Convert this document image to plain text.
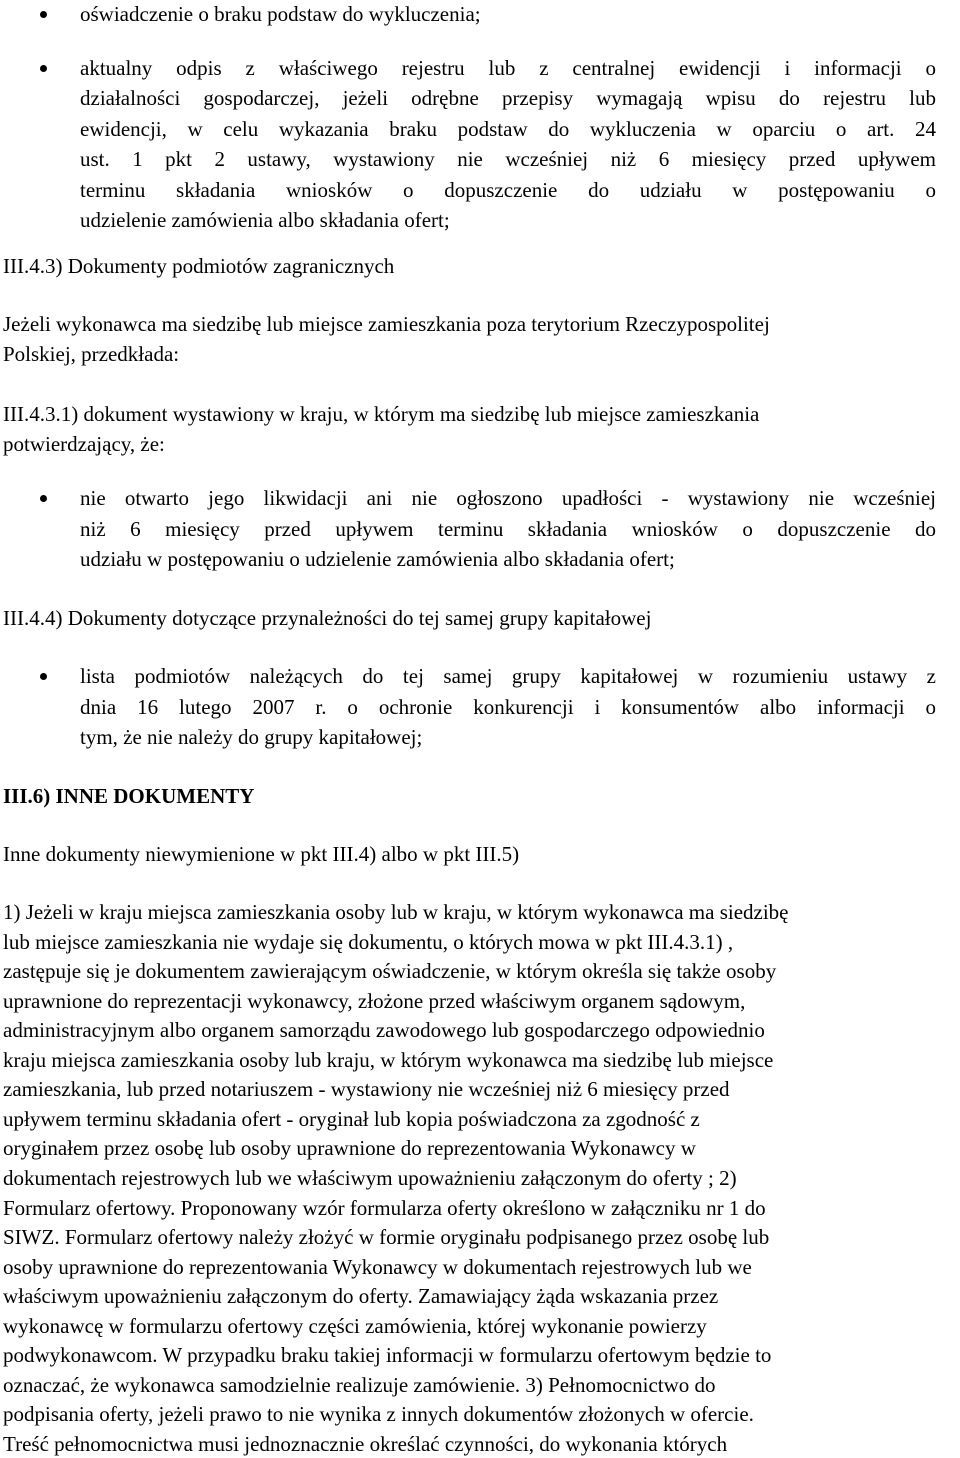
oświadczenie o braku podstaw do wykluczenia;
aktualny odpis z właściwego rejestru lub z centralnej ewidencji i informacji o
działalności gospodarczej, jeżeli odrębne przepisy wymagają wpisu do rejestru lub
ewidencji, w celu wykazania braku podstaw do wykluczenia w oparciu o art. 24
ust. 1 pkt 2 ustawy, wystawiony nie wcześniej niż 6 miesięcy przed upływem
terminu składania wniosków o dopuszczenie do udziału w postępowaniu o
udzielenie zamówienia albo składania ofert;
III.4.3) Dokumenty podmiotów zagranicznych
Jeżeli wykonawca ma siedzibę lub miejsce zamieszkania poza terytorium Rzeczypospolitej
Polskiej, przedkłada:
III.4.3.1) dokument wystawiony w kraju, w którym ma siedzibę lub miejsce zamieszkania
potwierdzający, że:
nie otwarto jego likwidacji ani nie ogłoszono upadłości - wystawiony nie wcześniej
niż 6 miesięcy przed upływem terminu składania wniosków o dopuszczenie do
udziału w postępowaniu o udzielenie zamówienia albo składania ofert;
III.4.4) Dokumenty dotyczące przynależności do tej samej grupy kapitałowej
lista podmiotów należących do tej samej grupy kapitałowej w rozumieniu ustawy z
dnia 16 lutego 2007 r. o ochronie konkurencji i konsumentów albo informacji o
tym, że nie należy do grupy kapitałowej;
III.6) INNE DOKUMENTY
Inne dokumenty niewymienione w pkt III.4) albo w pkt III.5)
1) Jeżeli w kraju miejsca zamieszkania osoby lub w kraju, w którym wykonawca ma siedzibę
lub miejsce zamieszkania nie wydaje się dokumentu, o których mowa w pkt III.4.3.1) ,
zastępuje się je dokumentem zawierającym oświadczenie, w którym określa się także osoby
uprawnione do reprezentacji wykonawcy, złożone przed właściwym organem sądowym,
administracyjnym albo organem samorządu zawodowego lub gospodarczego odpowiednio
kraju miejsca zamieszkania osoby lub kraju, w którym wykonawca ma siedzibę lub miejsce
zamieszkania, lub przed notariuszem - wystawiony nie wcześniej niż 6 miesięcy przed
upływem terminu składania ofert - oryginał lub kopia poświadczona za zgodność z
oryginałem przez osobę lub osoby uprawnione do reprezentowania Wykonawcy w
dokumentach rejestrowych lub we właściwym upoważnieniu załączonym do oferty ; 2)
Formularz ofertowy. Proponowany wzór formularza oferty określono w załączniku nr 1 do
SIWZ. Formularz ofertowy należy złożyć w formie oryginału podpisanego przez osobę lub
osoby uprawnione do reprezentowania Wykonawcy w dokumentach rejestrowych lub we
właściwym upoważnieniu załączonym do oferty. Zamawiający żąda wskazania przez
wykonawcę w formularzu ofertowy części zamówienia, której wykonanie powierzy
podwykonawcom. W przypadku braku takiej informacji w formularzu ofertowym będzie to
oznaczać, że wykonawca samodzielnie realizuje zamówienie. 3) Pełnomocnictwo do
podpisania oferty, jeżeli prawo to nie wynika z innych dokumentów złożonych w ofercie.
Treść pełnomocnictwa musi jednoznacznie określać czynności, do wykonania których
